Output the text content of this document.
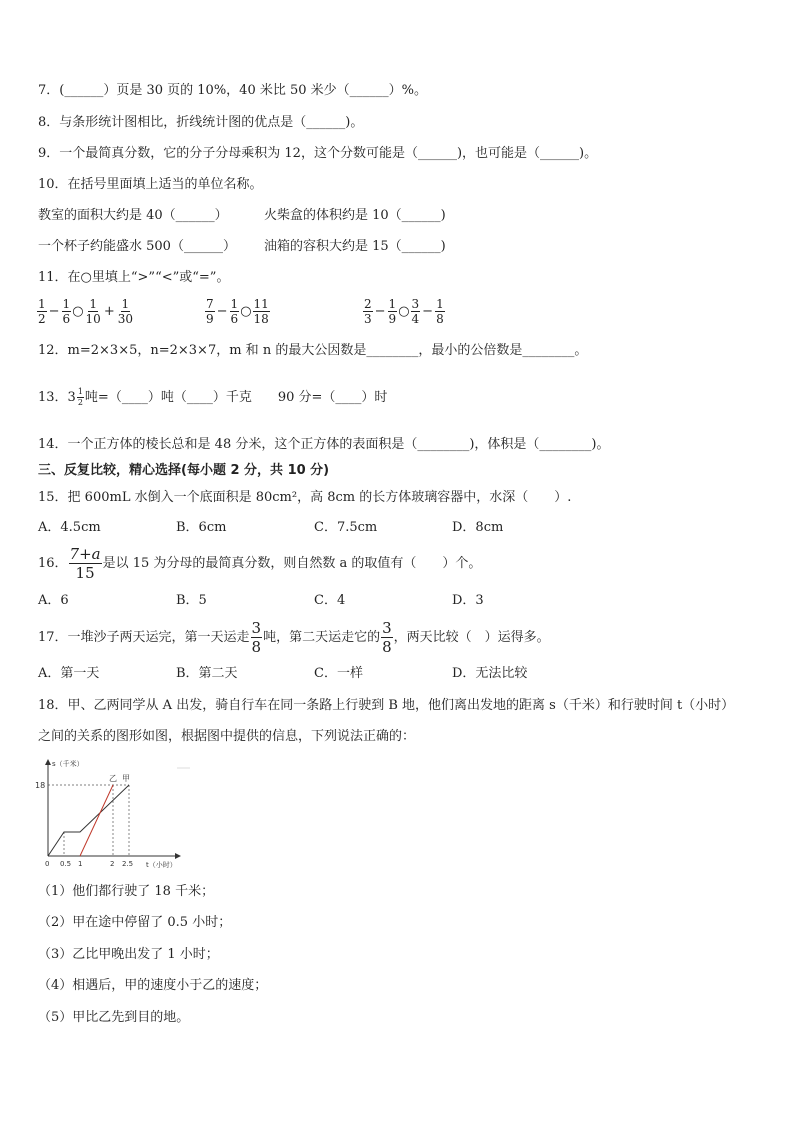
7．(______）页是 30 页的 10%，40 米比 50 米少（______）%。
8．与条形统计图相比，折线统计图的优点是（______)。
9．一个最简真分数，它的分子分母乘积为 12，这个分数可能是（______)，也可能是（______)。
10．在括号里面填上适当的单位名称。
教室的面积大约是 40（______）	火柴盒的体积约是 10（______)
一个杯子约能盛水 500（______） 油箱的容积大约是 15（______)
11．在○里填上“>”“<”或“=”。
$\frac{1}{2} - \frac{1}{6}$ ○ $\frac{1}{10} + \frac{1}{30}$	$\frac{7}{9} - \frac{1}{6}$ ○ $\frac{11}{18}$	$\frac{2}{3} - \frac{1}{9}$ ○ $\frac{3}{4} - \frac{1}{8}$
12．m=2×3×5，n=2×3×7，m 和 n 的最大公因数是________，最小的公倍数是________。
13．$3 \frac{1}{2}$ 吨=（____）吨（____）千克　　90 分=（____）时
14．一个正方体的棱长总和是 48 分米，这个正方体的表面积是（________)，体积是（________)。
三、反复比较，精心选择(每小题 2 分，共 10 分)
15．把 600mL 水倒入一个底面积是 80cm²，高 8cm 的长方体玻璃容器中，水深（　　）.
A．4.5cm	B．6cm	C．7.5cm	D．8cm
16． $\frac{7+a}{15}$ 是以 15 为分母的最简真分数，则自然数 a 的取值有（　　）个。
A．6	B．5	C．4	D．3
17．一堆沙子两天运完，第一天运走 $\frac{3}{8}$ 吨，第二天运走它的 $\frac{3}{8}$ ，两天比较（　）运得多。
A．第一天	B．第二天	C．一样	D．无法比较
18．甲、乙两同学从 A 出发，骑自行车在同一条路上行驶到 B 地，他们离出发地的距离 s（千米）和行驶时间 t（小时）
之间的关系的图形如图，根据图中提供的信息，下列说法正确的：
s（千米）
t（小时）
18
0 0.5 1	2 2.5
乙 甲
（1）他们都行驶了 18 千米；
（2）甲在途中停留了 0.5 小时；
（3）乙比甲晚出发了 1 小时；
（4）相遇后，甲的速度小于乙的速度；
（5）甲比乙先到目的地。
